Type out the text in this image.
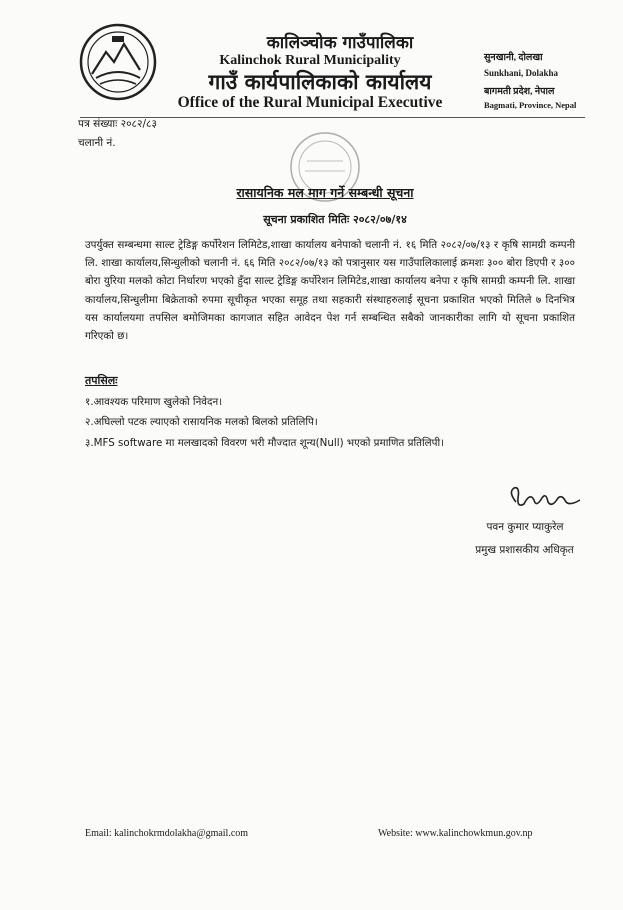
कालिञ्चोक गाउँपालिका
Kalinchok Rural Municipality
गाउँ कार्यपालिकाको कार्यालय
Office of the Rural Municipal Executive
सुनखानी, दोलखा
Sunkhani, Dolakha
बागमती प्रदेश, नेपाल
Bagmati, Province, Nepal
पत्र संख्याः २०८२/८३
चलानी नं.
रासायनिक मल माग गर्ने सम्बन्धी सूचना
सूचना प्रकाशित मितिः २०८२/०७/१४
उपर्युक्त सम्बन्धमा साल्ट ट्रेडिङ्ग कर्पोरेशन लिमिटेड,शाखा कार्यालय बनेपाको चलानी नं. १६ मिति २०८२/०७/१३ र कृषि सामग्री कम्पनी लि. शाखा कार्यालय,सिन्धुलीको चलानी नं. ६६ मिति २०८२/०७/१३ को पत्रानुसार यस गाउँपालिकालाई क्रमशः ३०० बोरा डिएपी र ३०० बोरा युरिया मलको कोटा निर्धारण भएको हुँदा साल्ट ट्रेडिङ्ग कर्पोरेशन लिमिटेड,शाखा कार्यालय बनेपा र कृषि सामग्री कम्पनी लि. शाखा कार्यालय,सिन्धुलीमा बिक्रेताको रुपमा सूचीकृत भएका समूह तथा सहकारी संस्थाहरुलाई सूचना प्रकाशित भएको मितिले ७ दिनभित्र यस कार्यालयमा तपसिल बमोजिमका कागजात सहित आवेदन पेश गर्न सम्बन्धित सबैको जानकारीका लागि यो सूचना प्रकाशित गरिएको छ।
तपसिलः
१.आवश्यक परिमाण खुलेको निवेदन।
२.अघिल्लो पटक ल्याएको रासायनिक मलको बिलको प्रतिलिपि।
३.MFS software मा मलखादको विवरण भरी मौज्दात शून्य(Null) भएको प्रमाणित प्रतिलिपी।
पवन कुमार प्याकुरेल
प्रमुख प्रशासकीय अधिकृत
Email: kalinchokrmdolakha@gmail.com	Website: www.kalinchowkmun.gov.np
